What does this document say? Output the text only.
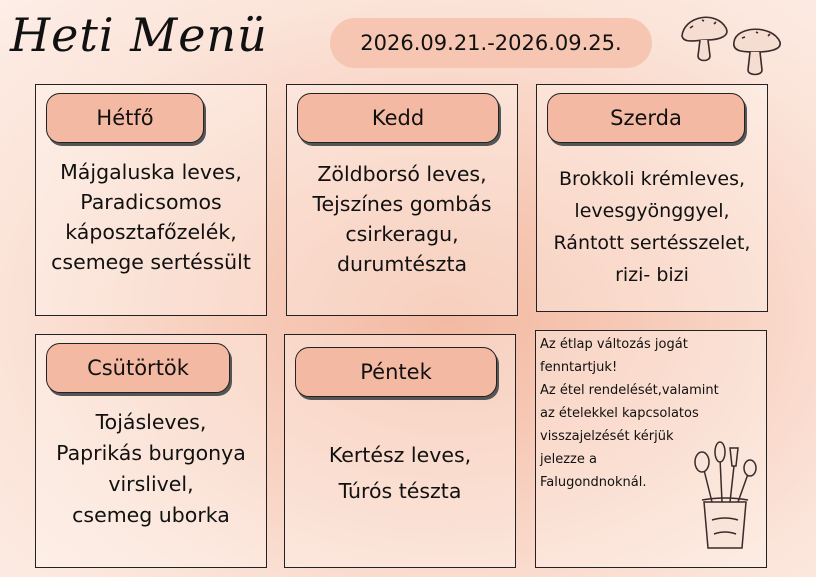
Heti Menü	2026.09.21.-2026.09.25.
Hétfő
Májgaluska leves,
Paradicsomos
káposztafőzelék,
csemege sertéssült
Kedd
Zöldborsó leves,
Tejszínes gombás
csirkeragu,
durumtészta
Szerda
Brokkoli krémleves,
levesgyönggyel,
Rántott sertésszelet,
rizi- bizi
Csütörtök
Tojásleves,
Paprikás burgonya
virslivel,
csemeg uborka
Péntek
Kertész leves,
Túrós tészta
Az étlap változás jogát
fenntartjuk!
Az étel rendelését,valamint
az ételekkel kapcsolatos
visszajelzését kérjük
jelezze a
Falugondnoknál.
